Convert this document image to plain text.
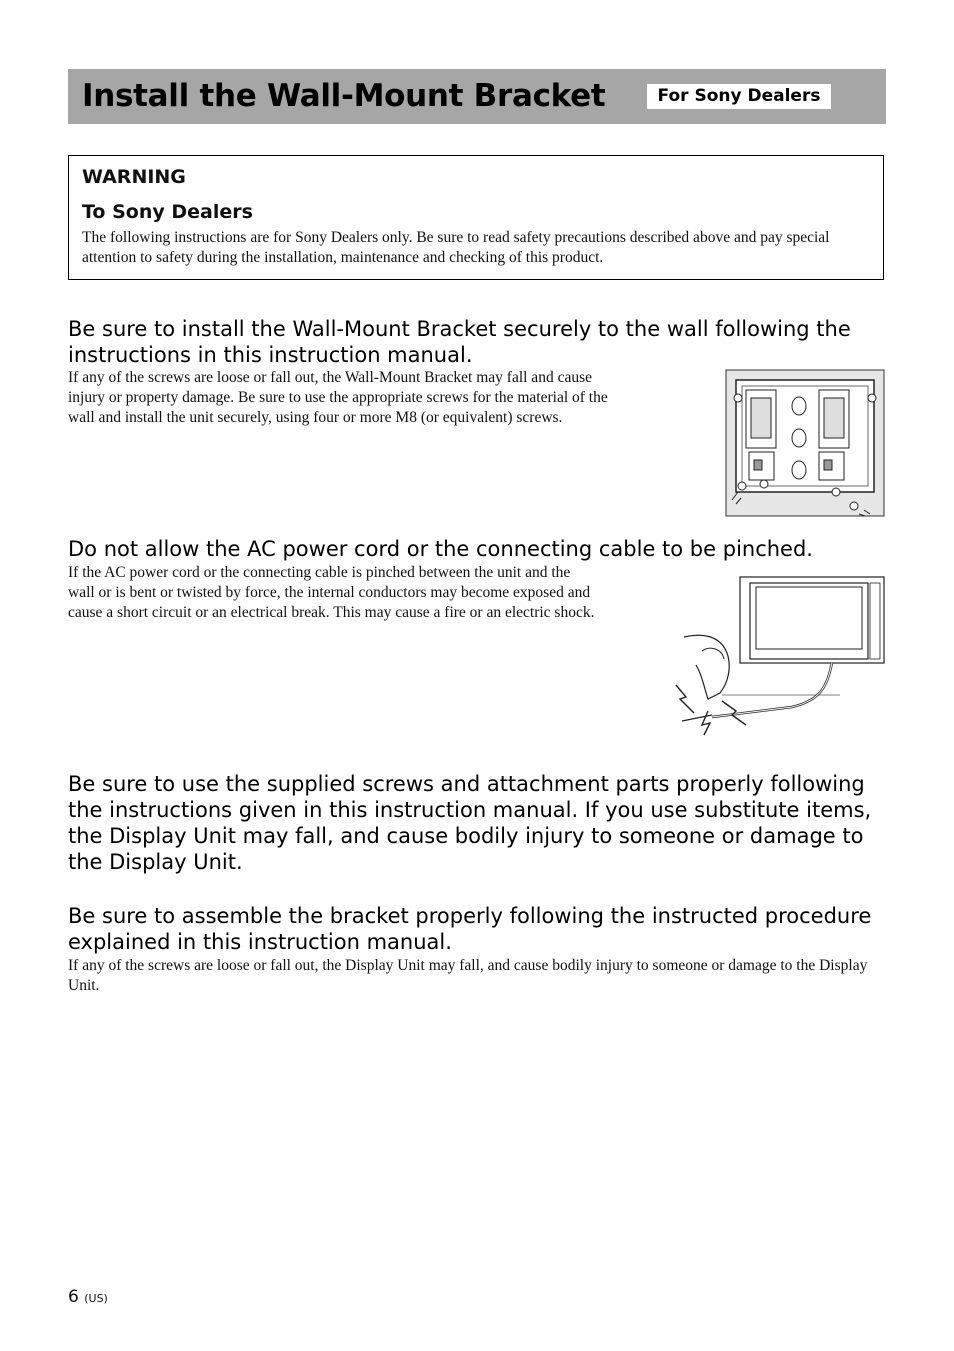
Install the Wall-Mount Bracket	For Sony Dealers
WARNING
To Sony Dealers
The following instructions are for Sony Dealers only. Be sure to read safety precautions described above and pay special attention to safety during the installation, maintenance and checking of this product.
Be sure to install the Wall-Mount Bracket securely to the wall following the instructions in this instruction manual.
If any of the screws are loose or fall out, the Wall-Mount Bracket may fall and cause injury or property damage. Be sure to use the appropriate screws for the material of the wall and install the unit securely, using four or more M8 (or equivalent) screws.
Do not allow the AC power cord or the connecting cable to be pinched.
If the AC power cord or the connecting cable is pinched between the unit and the wall or is bent or twisted by force, the internal conductors may become exposed and cause a short circuit or an electrical break. This may cause a fire or an electric shock.
Be sure to use the supplied screws and attachment parts properly following the instructions given in this instruction manual. If you use substitute items, the Display Unit may fall, and cause bodily injury to someone or damage to the Display Unit.
Be sure to assemble the bracket properly following the instructed procedure explained in this instruction manual.
If any of the screws are loose or fall out, the Display Unit may fall, and cause bodily injury to someone or damage to the Display Unit.
6 (US)
